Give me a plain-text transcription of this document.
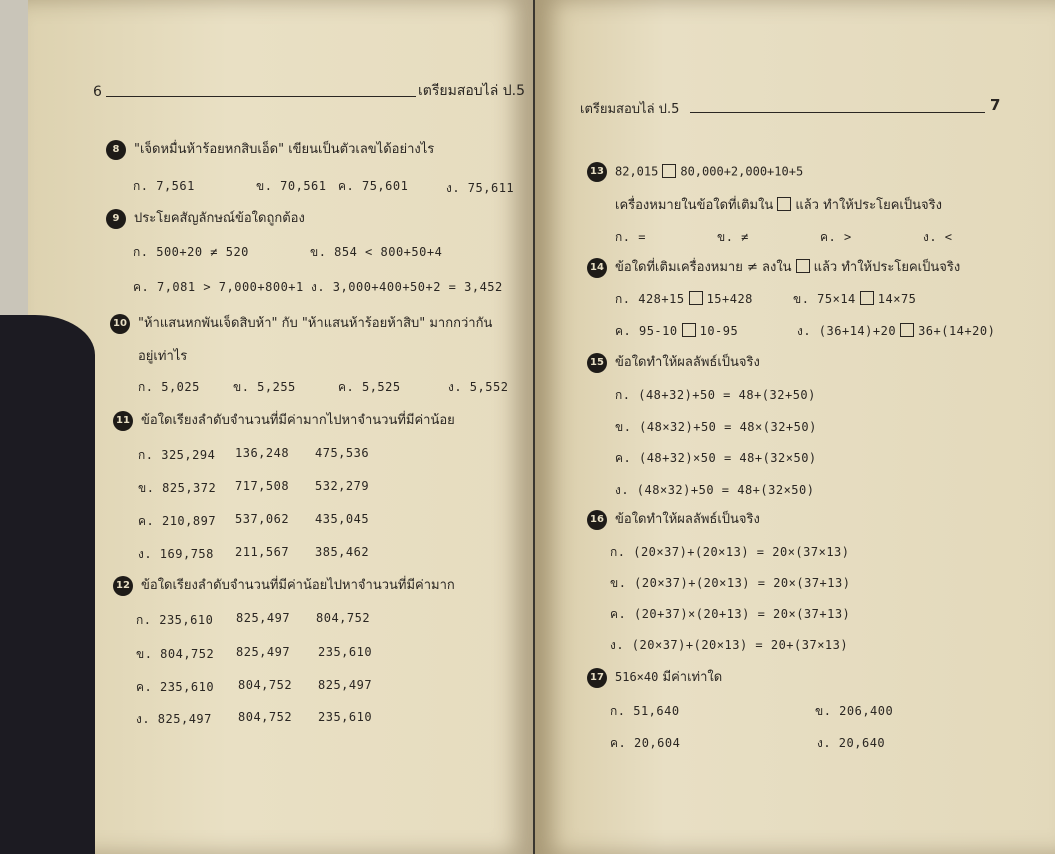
6	เตรียมสอบไล่ ป.5
8 "เจ็ดหมื่นห้าร้อยหกสิบเอ็ด" เขียนเป็นตัวเลขได้อย่างไร
ก. 7,561	ข. 70,561 ค. 75,601	ง. 75,611
9 ประโยคสัญลักษณ์ข้อใดถูกต้อง
ก. 500+20 ≠ 520	ข. 854 < 800+50+4
ค. 7,081 > 7,000+800+1 ง. 3,000+400+50+2 = 3,452
10 "ห้าแสนหกพันเจ็ดสิบห้า" กับ "ห้าแสนห้าร้อยห้าสิบ" มากกว่ากัน
อยู่เท่าไร
ก. 5,025	ข. 5,255	ค. 5,525	ง. 5,552
11 ข้อใดเรียงลำดับจำนวนที่มีค่ามากไปหาจำนวนที่มีค่าน้อย
ก. 325,294 136,248 475,536
ข. 825,372 717,508 532,279
ค. 210,897 537,062 435,045
ง. 169,758 211,567 385,462
12 ข้อใดเรียงลำดับจำนวนที่มีค่าน้อยไปหาจำนวนที่มีค่ามาก
ก. 235,610 825,497 804,752
ข. 804,752 825,497 235,610
ค. 235,610 804,752 825,497
ง. 825,497 804,752 235,610
เตรียมสอบไล่ ป.5	7
13 82,015 80,000+2,000+10+5
เครื่องหมายในข้อใดที่เติมใน แล้ว ทำให้ประโยคเป็นจริง
ก. =	ข. ≠	ค. >	ง. <
14 ข้อใดที่เติมเครื่องหมาย ≠ ลงใน แล้ว ทำให้ประโยคเป็นจริง
ก. 428+15 15+428	ข. 75×14 14×75
ค. 95-10 10-95	ง. (36+14)+20 36+(14+20)
15 ข้อใดทำให้ผลลัพธ์เป็นจริง
ก. (48+32)+50 = 48+(32+50)
ข. (48×32)+50 = 48×(32+50)
ค. (48+32)×50 = 48+(32×50)
ง. (48×32)+50 = 48+(32×50)
16 ข้อใดทำให้ผลลัพธ์เป็นจริง
ก. (20×37)+(20×13) = 20×(37×13)
ข. (20×37)+(20×13) = 20×(37+13)
ค. (20+37)×(20+13) = 20×(37+13)
ง. (20×37)+(20×13) = 20+(37×13)
17 516×40 มีค่าเท่าใด
ก. 51,640	ข. 206,400
ค. 20,604	ง. 20,640
